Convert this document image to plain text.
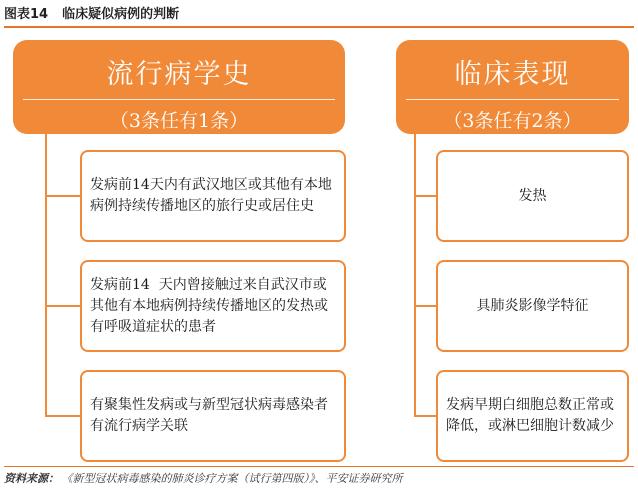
图表14 临床疑似病例的判断
流行病学史
（3条任有1条）
临床表现
（3条任有2条）
发病前14天内有武汉地区或其他有本地病例持续传播地区的旅行史或居住史
发病前14  天内曾接触过来自武汉市或其他有本地病例持续传播地区的发热或有呼吸道症状的患者
有聚集性发病或与新型冠状病毒感染者有流行病学关联
发热
具肺炎影像学特征
发病早期白细胞总数正常或降低，或淋巴细胞计数减少
资料来源： 《新型冠状病毒感染的肺炎诊疗方案（试行第四版）》、平安证券研究所
